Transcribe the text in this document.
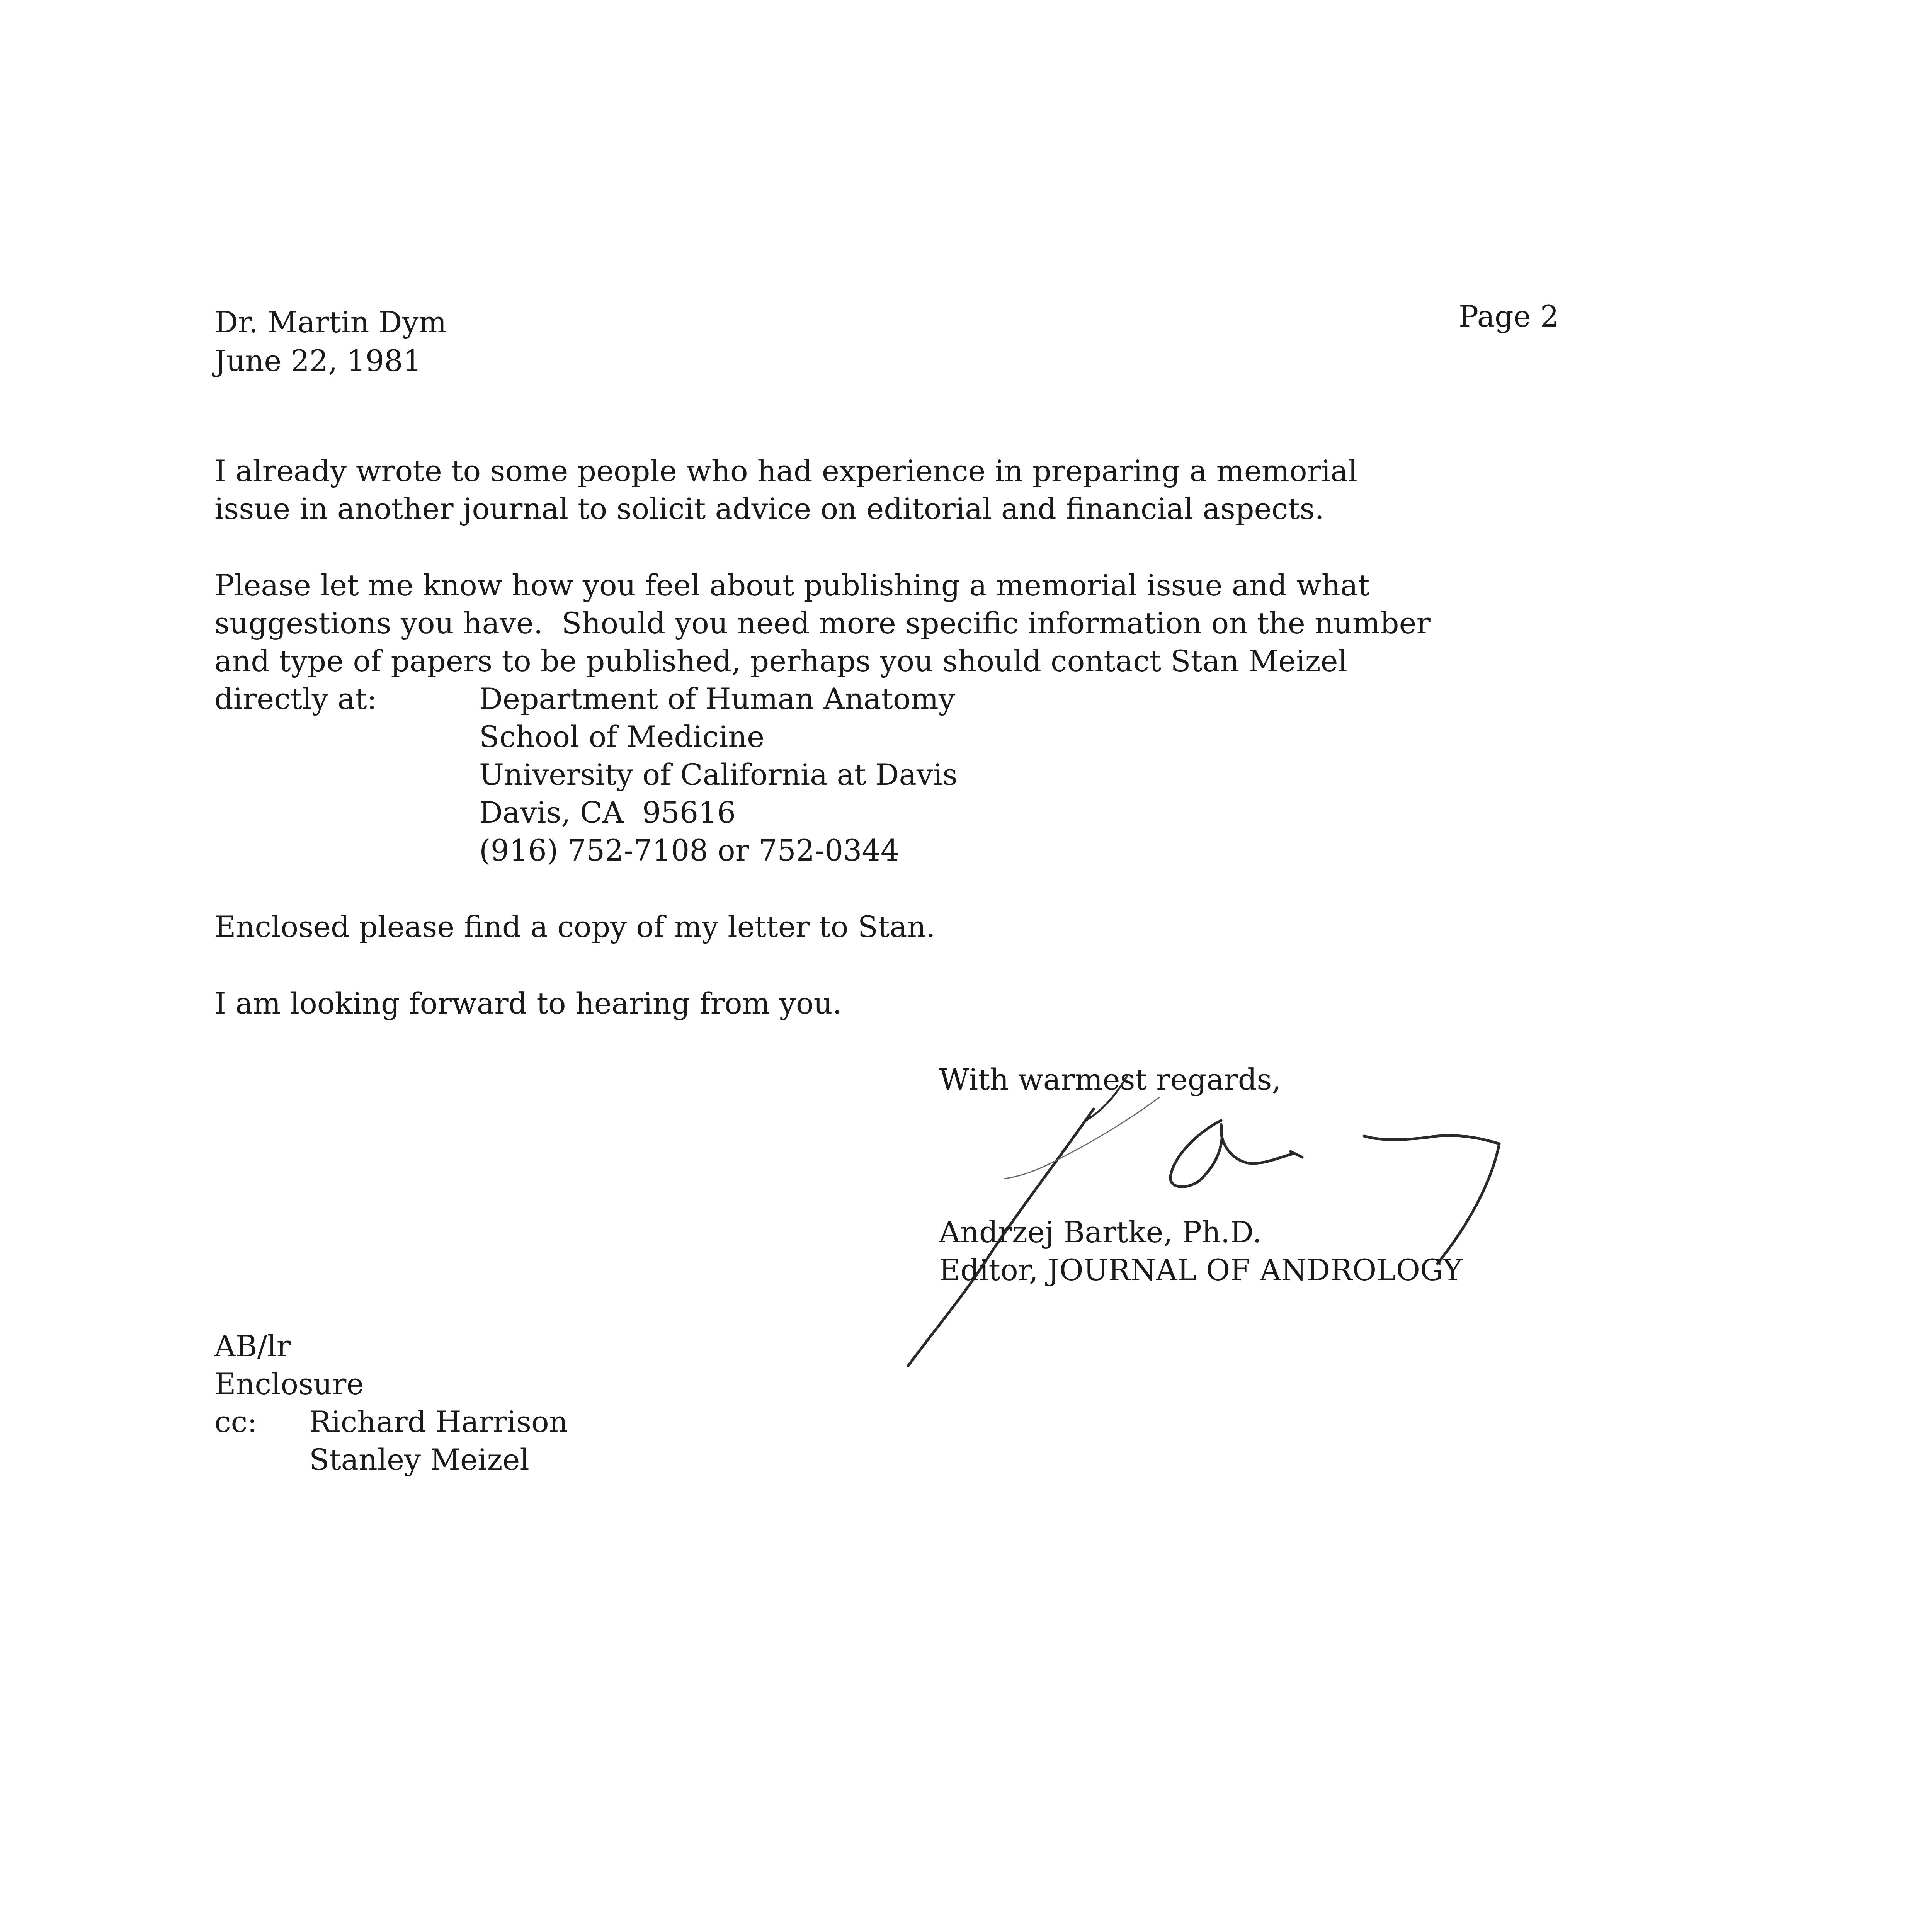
Dr. Martin Dym
June 22, 1981
Page 2
I already wrote to some people who had experience in preparing a memorial
issue in another journal to solicit advice on editorial and financial aspects.
Please let me know how you feel about publishing a memorial issue and what
suggestions you have.  Should you need more specific information on the number
and type of papers to be published, perhaps you should contact Stan Meizel
directly at:	Department of Human Anatomy
School of Medicine
University of California at Davis
Davis, CA  95616
(916) 752-7108 or 752-0344
Enclosed please find a copy of my letter to Stan.
I am looking forward to hearing from you.
With warmest regards,
Andrzej Bartke, Ph.D.
Editor, JOURNAL OF ANDROLOGY
AB/lr
Enclosure
cc: Richard Harrison
Stanley Meizel
